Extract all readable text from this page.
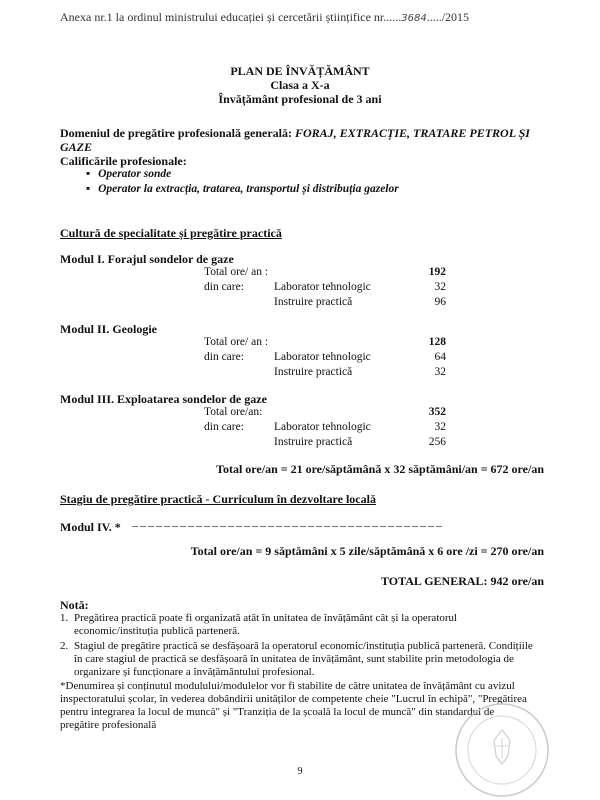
Anexa nr.1 la ordinul ministrului educației și cercetării științifice nr......3684...../2015
PLAN DE ÎNVĂȚĂMÂNT
Clasa a X-a
Învățământ profesional de 3 ani
Domeniul de pregătire profesională generală: FORAJ, EXTRACȚIE, TRATARE PETROL ȘI
GAZE
Calificările profesionale:
▪ Operator sonde
▪ Operator la extracția, tratarea, transportul și distribuția gazelor
Cultură de specialitate și pregătire practică
Modul I. Forajul sondelor de gaze
Total ore/ an :	192
din care:	Laborator tehnologic	32
Instruire practică	96
Modul II. Geologie
Total ore/ an :	128
din care:	Laborator tehnologic	64
Instruire practică	32
Modul III. Exploatarea sondelor de gaze
Total ore/an:	352
din care:	Laborator tehnologic	32
Instruire practică	256
Total ore/an = 21 ore/săptămână x 32 săptămâni/an = 672 ore/an
Stagiu de pregătire practică - Curriculum în dezvoltare locală
Modul IV. * _______________________________________
Total ore/an = 9 săptămâni x 5 zile/săptămână x 6 ore /zi = 270 ore/an
TOTAL GENERAL: 942 ore/an
Notă:
1. Pregătirea practică poate fi organizată atât în unitatea de învățământ cât și la operatorul
economic/instituția publică parteneră.
2. Stagiul de pregătire practică se desfășoară la operatorul economic/instituția publică parteneră. Condițiile
în care stagiul de practică se desfășoară în unitatea de învățământ, sunt stabilite prin metodologia de
organizare și funcționare a învățământului profesional.
*Denumirea și conținutul modulului/modulelor vor fi stabilite de către unitatea de învățământ cu avizul
inspectoratului școlar, în vederea dobândirii unităților de competente cheie "Lucrul în echipă", "Pregătirea
pentru integrarea la locul de muncă" și "Tranziția de la școală la locul de muncă" din standardul de
pregătire profesională
9
